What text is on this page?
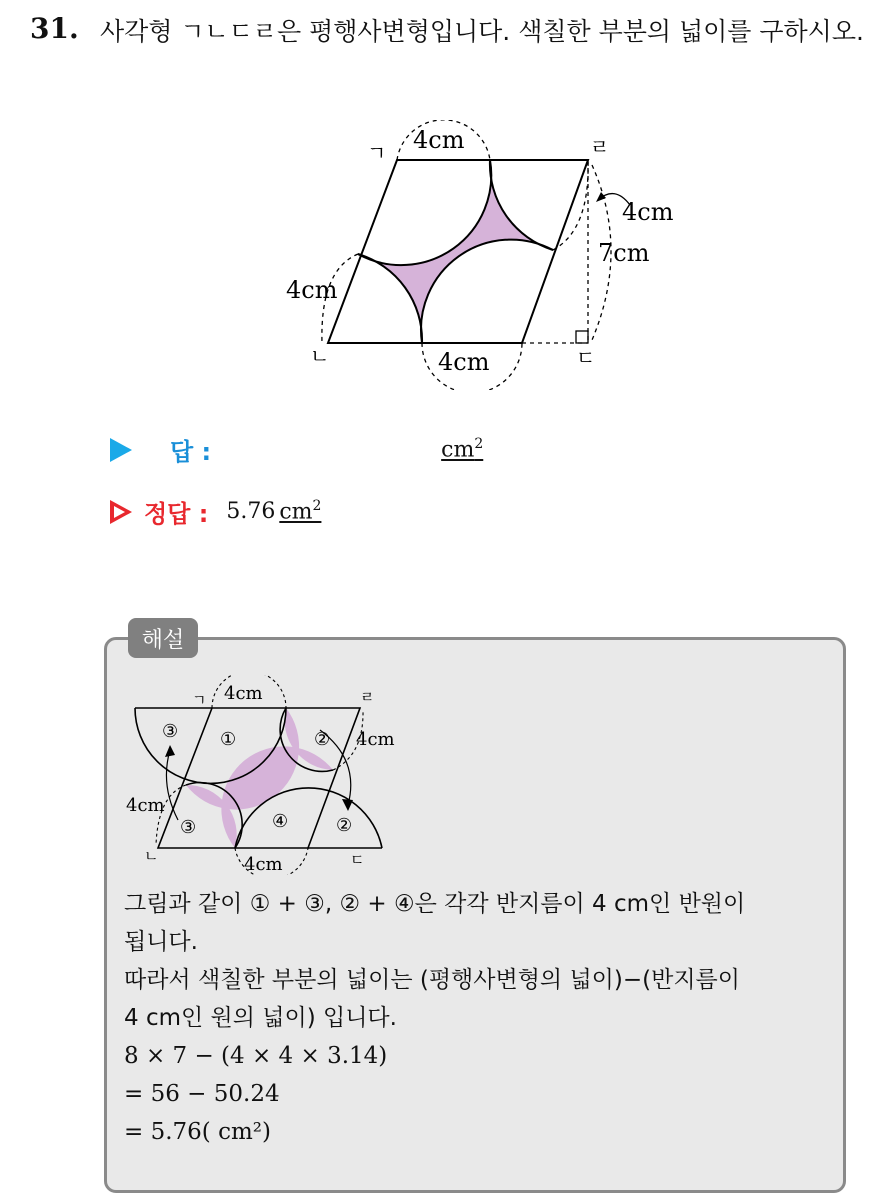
31. 사각형 ㄱㄴㄷㄹ은 평행사변형입니다. 색칠한 부분의 넓이를 구하시오.
ㄱ	ㄹ
ㄴ	ㄷ
4cm
4cm
7cm
4cm
4cm
답 :	$cm^2$
정답 : 5.76 $cm^2$
해설
ㄱ	ㄹ
ㄴ	ㄷ
4cm
4cm
4cm
4cm
③ ①	②
③	④	②
그림과 같이 ① + ③, ② + ④은 각각 반지름이 4 cm인 반원이
됩니다.
따라서 색칠한 부분의 넓이는 (평행사변형의 넓이)−(반지름이
4 cm인 원의 넓이) 입니다.
8 × 7 − (4 × 4 × 3.14)
= 56 − 50.24
= 5.76( cm²)
